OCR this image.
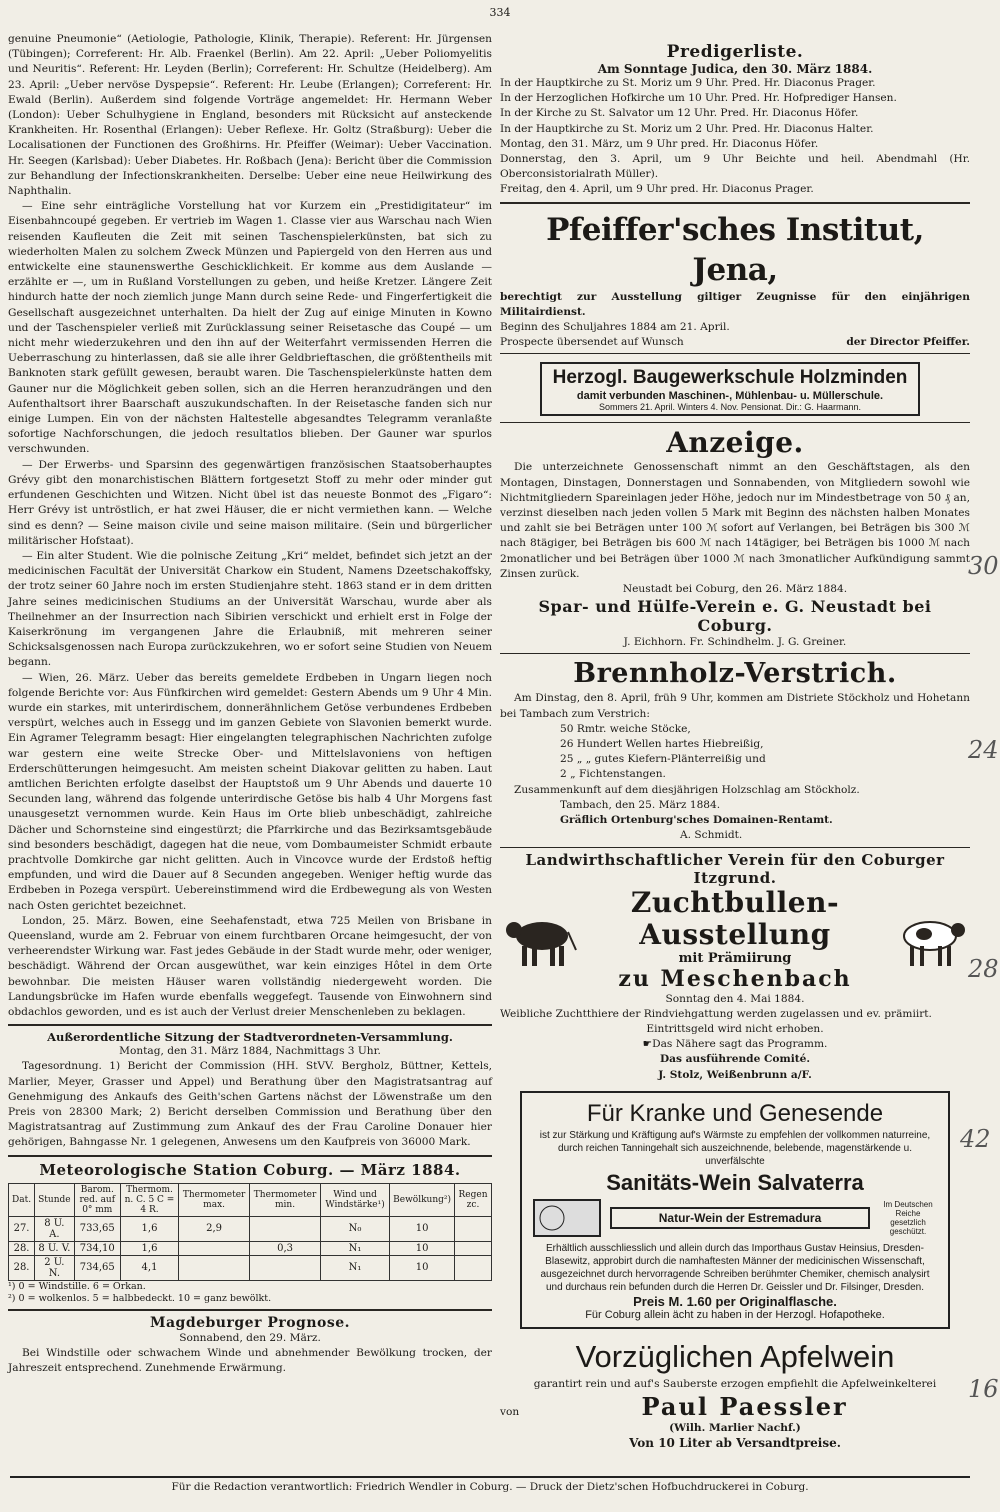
334

genuine Pneumonie“ (Aetiologie, Pathologie, Klinik, Therapie). Referent: Hr. Jürgensen (Tübingen); Correferent: Hr. Alb. Fraenkel (Berlin). Am 22. April: „Ueber Poliomyelitis und Neuritis“. Referent: Hr. Leyden (Berlin); Correferent: Hr. Schultze (Heidelberg). Am 23. April: „Ueber nervöse Dyspepsie“. Referent: Hr. Leube (Erlangen); Correferent: Hr. Ewald (Berlin). Außerdem sind folgende Vorträge angemeldet: Hr. Hermann Weber (London): Ueber Schulhygiene in England, besonders mit Rücksicht auf ansteckende Krankheiten. Hr. Rosenthal (Erlangen): Ueber Reflexe. Hr. Goltz (Straßburg): Ueber die Localisationen der Functionen des Großhirns. Hr. Pfeiffer (Weimar): Ueber Vaccination. Hr. Seegen (Karlsbad): Ueber Diabetes. Hr. Roßbach (Jena): Bericht über die Commission zur Behandlung der Infectionskrankheiten. Derselbe: Ueber eine neue Heilwirkung des Naphthalin.

— Eine sehr einträgliche Vorstellung hat vor Kurzem ein „Prestidigitateur“ im Eisenbahncoupé gegeben. Er vertrieb im Wagen 1. Classe vier aus Warschau nach Wien reisenden Kaufleuten die Zeit mit seinen Taschenspielerkünsten, bat sich zu wiederholten Malen zu solchem Zweck Münzen und Papiergeld von den Herren aus und entwickelte eine staunenswerthe Geschicklichkeit. Er komme aus dem Auslande — erzählte er —, um in Rußland Vorstellungen zu geben, und heiße Kretzer. Längere Zeit hindurch hatte der noch ziemlich junge Mann durch seine Rede- und Fingerfertigkeit die Gesellschaft ausgezeichnet unterhalten. Da hielt der Zug auf einige Minuten in Kowno und der Taschenspieler verließ mit Zurücklassung seiner Reisetasche das Coupé — um nicht mehr wiederzukehren und den ihn auf der Weiterfahrt vermissenden Herren die Ueberraschung zu hinterlassen, daß sie alle ihrer Geldbrieftaschen, die größtentheils mit Banknoten stark gefüllt gewesen, beraubt waren. Die Taschenspielerkünste hatten dem Gauner nur die Möglichkeit geben sollen, sich an die Herren heranzudrängen und den Aufenthaltsort ihrer Baarschaft auszukundschaften. In der Reisetasche fanden sich nur einige Lumpen. Ein von der nächsten Haltestelle abgesandtes Telegramm veranlaßte sofortige Nachforschungen, die jedoch resultatlos blieben. Der Gauner war spurlos verschwunden.

— Der Erwerbs- und Sparsinn des gegenwärtigen französischen Staatsoberhauptes Grévy gibt den monarchistischen Blättern fortgesetzt Stoff zu mehr oder minder gut erfundenen Geschichten und Witzen. Nicht übel ist das neueste Bonmot des „Figaro“: Herr Grévy ist untröstlich, er hat zwei Häuser, die er nicht vermiethen kann. — Welche sind es denn? — Seine maison civile und seine maison militaire. (Sein und bürgerlicher militärischer Hofstaat).

— Ein alter Student. Wie die polnische Zeitung „Kri“ meldet, befindet sich jetzt an der medicinischen Facultät der Universität Charkow ein Student, Namens Dzeetschakoffsky, der trotz seiner 60 Jahre noch im ersten Studienjahre steht. 1863 stand er in dem dritten Jahre seines medicinischen Studiums an der Universität Warschau, wurde aber als Theilnehmer an der Insurrection nach Sibirien verschickt und erhielt erst in Folge der Kaiserkrönung im vergangenen Jahre die Erlaubniß, mit mehreren seiner Schicksalsgenossen nach Europa zurückzukehren, wo er sofort seine Studien von Neuem begann.

— Wien, 26. März. Ueber das bereits gemeldete Erdbeben in Ungarn liegen noch folgende Berichte vor: Aus Fünfkirchen wird gemeldet: Gestern Abends um 9 Uhr 4 Min. wurde ein starkes, mit unterirdischem, donnerähnlichem Getöse verbundenes Erdbeben verspürt, welches auch in Essegg und im ganzen Gebiete von Slavonien bemerkt wurde. Ein Agramer Telegramm besagt: Hier eingelangten telegraphischen Nachrichten zufolge war gestern eine weite Strecke Ober- und Mittelslavoniens von heftigen Erderschütterungen heimgesucht. Am meisten scheint Diakovar gelitten zu haben. Laut amtlichen Berichten erfolgte daselbst der Hauptstoß um 9 Uhr Abends und dauerte 10 Secunden lang, während das folgende unterirdische Getöse bis halb 4 Uhr Morgens fast unausgesetzt vernommen wurde. Kein Haus im Orte blieb unbeschädigt, zahlreiche Dächer und Schornsteine sind eingestürzt; die Pfarrkirche und das Bezirksamtsgebäude sind besonders beschädigt, dagegen hat die neue, vom Dombaumeister Schmidt erbaute prachtvolle Domkirche gar nicht gelitten. Auch in Vincovce wurde der Erdstoß heftig empfunden, und wird die Dauer auf 8 Secunden angegeben. Weniger heftig wurde das Erdbeben in Pozega verspürt. Uebereinstimmend wird die Erdbewegung als von Westen nach Osten gerichtet bezeichnet.

London, 25. März. Bowen, eine Seehafenstadt, etwa 725 Meilen von Brisbane in Queensland, wurde am 2. Februar von einem furchtbaren Orcane heimgesucht, der von verheerendster Wirkung war. Fast jedes Gebäude in der Stadt wurde mehr, oder weniger, beschädigt. Während der Orcan ausgewüthet, war kein einziges Hôtel in dem Orte bewohnbar. Die meisten Häuser waren vollständig niedergeweht worden. Die Landungsbrücke im Hafen wurde ebenfalls weggefegt. Tausende von Einwohnern sind obdachlos geworden, und es ist auch der Verlust dreier Menschenleben zu beklagen.

Außerordentliche Sitzung der Stadtverordneten-Versammlung.

Montag, den 31. März 1884, Nachmittags 3 Uhr.

Tagesordnung. 1) Bericht der Commission (HH. StVV. Bergholz, Büttner, Kettels, Marlier, Meyer, Grasser und Appel) und Berathung über den Magistratsantrag auf Genehmigung des Ankaufs des Geith'schen Gartens nächst der Löwenstraße um den Preis von 28300 Mark; 2) Bericht derselben Commission und Berathung über den Magistratsantrag auf Zustimmung zum Ankauf des der Frau Caroline Donauer hier gehörigen, Bahngasse Nr. 1 gelegenen, Anwesens um den Kaufpreis von 36000 Mark.

Meteorologische Station Coburg. — März 1884.

Dat.	Stunde	Barom. red. auf 0° mm	Thermom. n. C. 5 C = 4 R.	Thermometer max.	Thermometer min.	Wind und Windstärke¹)	Bewölkung²)	Regen zc.
27.	8 U. A.	733,65	1,6	2,9		N₀	10	
28.	8 U. V.	734,10	1,6		0,3	N₁	10	
28.	2 U. N.	734,65	4,1			N₁	10	

¹) 0 = Windstille. 6 = Orkan.

²) 0 = wolkenlos. 5 = halbbedeckt. 10 = ganz bewölkt.

Magdeburger Prognose.

Sonnabend, den 29. März.

Bei Windstille oder schwachem Winde und abnehmender Bewölkung trocken, der Jahreszeit entsprechend. Zunehmende Erwärmung.

Predigerliste.

Am Sonntage Judica, den 30. März 1884.

In der Hauptkirche zu St. Moriz um 9 Uhr. Pred. Hr. Diaconus Prager.

In der Herzoglichen Hofkirche um 10 Uhr. Pred. Hr. Hofprediger Hansen.

In der Kirche zu St. Salvator um 12 Uhr. Pred. Hr. Diaconus Höfer.

In der Hauptkirche zu St. Moriz um 2 Uhr. Pred. Hr. Diaconus Halter.

Montag, den 31. März, um 9 Uhr pred. Hr. Diaconus Höfer.

Donnerstag, den 3. April, um 9 Uhr Beichte und heil. Abendmahl (Hr. Oberconsistorialrath Müller).

Freitag, den 4. April, um 9 Uhr pred. Hr. Diaconus Prager.

Pfeiffer'sches Institut, Jena,

berechtigt zur Ausstellung giltiger Zeugnisse für den einjährigen Militairdienst.

Beginn des Schuljahres 1884 am 21. April.

Prospecte übersendet auf Wunsch	der Director Pfeiffer.
Herzogl. Baugewerkschule Holzminden
damit verbunden Maschinen-, Mühlenbau- u. Müllerschule.
Sommers 21. April. Winters 4. Nov. Pensionat. Dir.: G. Haarmann.

Anzeige.

Die unterzeichnete Genossenschaft nimmt an den Geschäftstagen, als den Montagen, Dinstagen, Donnerstagen und Sonnabenden, von Mitgliedern sowohl wie Nichtmitgliedern Spareinlagen jeder Höhe, jedoch nur im Mindestbetrage von 50 ₰ an, verzinst dieselben nach jeden vollen 5 Mark mit Beginn des nächsten halben Monates und zahlt sie bei Beträgen unter 100 ℳ sofort auf Verlangen, bei Beträgen bis 300 ℳ nach 8tägiger, bei Beträgen bis 600 ℳ nach 14tägiger, bei Beträgen bis 1000 ℳ nach 2monatlicher und bei Beträgen über 1000 ℳ nach 3monatlicher Aufkündigung sammt Zinsen zurück.

Neustadt bei Coburg, den 26. März 1884.

Spar- und Hülfe-Verein e. G. Neustadt bei Coburg.

J. Eichhorn. Fr. Schindhelm. J. G. Greiner.

Brennholz-Verstrich.

Am Dinstag, den 8. April, früh 9 Uhr, kommen am Distriete Stöckholz und Hohetann bei Tambach zum Verstrich:

50 Rmtr. weiche Stöcke,

26 Hundert Wellen hartes Hiebreißig,

25 „ „ gutes Kiefern-Plänterreißig und

2 „ Fichtenstangen.

Zusammenkunft auf dem diesjährigen Holzschlag am Stöckholz.

Tambach, den 25. März 1884.

Gräflich Ortenburg'sches Domainen-Rentamt.

A. Schmidt.

Landwirthschaftlicher Verein für den Coburger Itzgrund.

Zuchtbullen-Ausstellung
mit Prämiirung
zu Meschenbach

Sonntag den 4. Mai 1884.

Weibliche Zuchtthiere der Rindviehgattung werden zugelassen und ev. prämiirt.

Eintrittsgeld wird nicht erhoben.

☛Das Nähere sagt das Programm.

Das ausführende Comité.

J. Stolz, Weißenbrunn a/F.

Für Kranke und Genesende
ist zur Stärkung und Kräftigung auf's Wärmste zu empfehlen der vollkommen naturreine, durch reichen Tanningehalt sich auszeichnende, belebende, magenstärkende u. unverfälschte
Sanitäts-Wein Salvaterra
Natur-Wein der Estremadura
Im Deutschen Reiche gesetzlich geschützt.
Erhältlich ausschliesslich und allein durch das Importhaus Gustav Heinsius, Dresden-Blasewitz, approbirt durch die namhaftesten Männer der medicinischen Wissenschaft, ausgezeichnet durch hervorragende Schreiben berühmter Chemiker, chemisch analysirt und durchaus rein befunden durch die Herren Dr. Geissler und Dr. Filsinger, Dresden.
Preis M. 1.60 per Originalflasche.
Für Coburg allein ächt zu haben in der Herzogl. Hofapotheke.
Vorzüglichen Apfelwein

garantirt rein und auf's Sauberste erzogen empfiehlt die Apfelweinkelterei

von	Paul Paessler

(Wilh. Marlier Nachf.)

Von 10 Liter ab Versandtpreise.

30
24
28
42
16
Für die Redaction verantwortlich: Friedrich Wendler in Coburg. — Druck der Dietz'schen Hofbuchdruckerei in Coburg.
